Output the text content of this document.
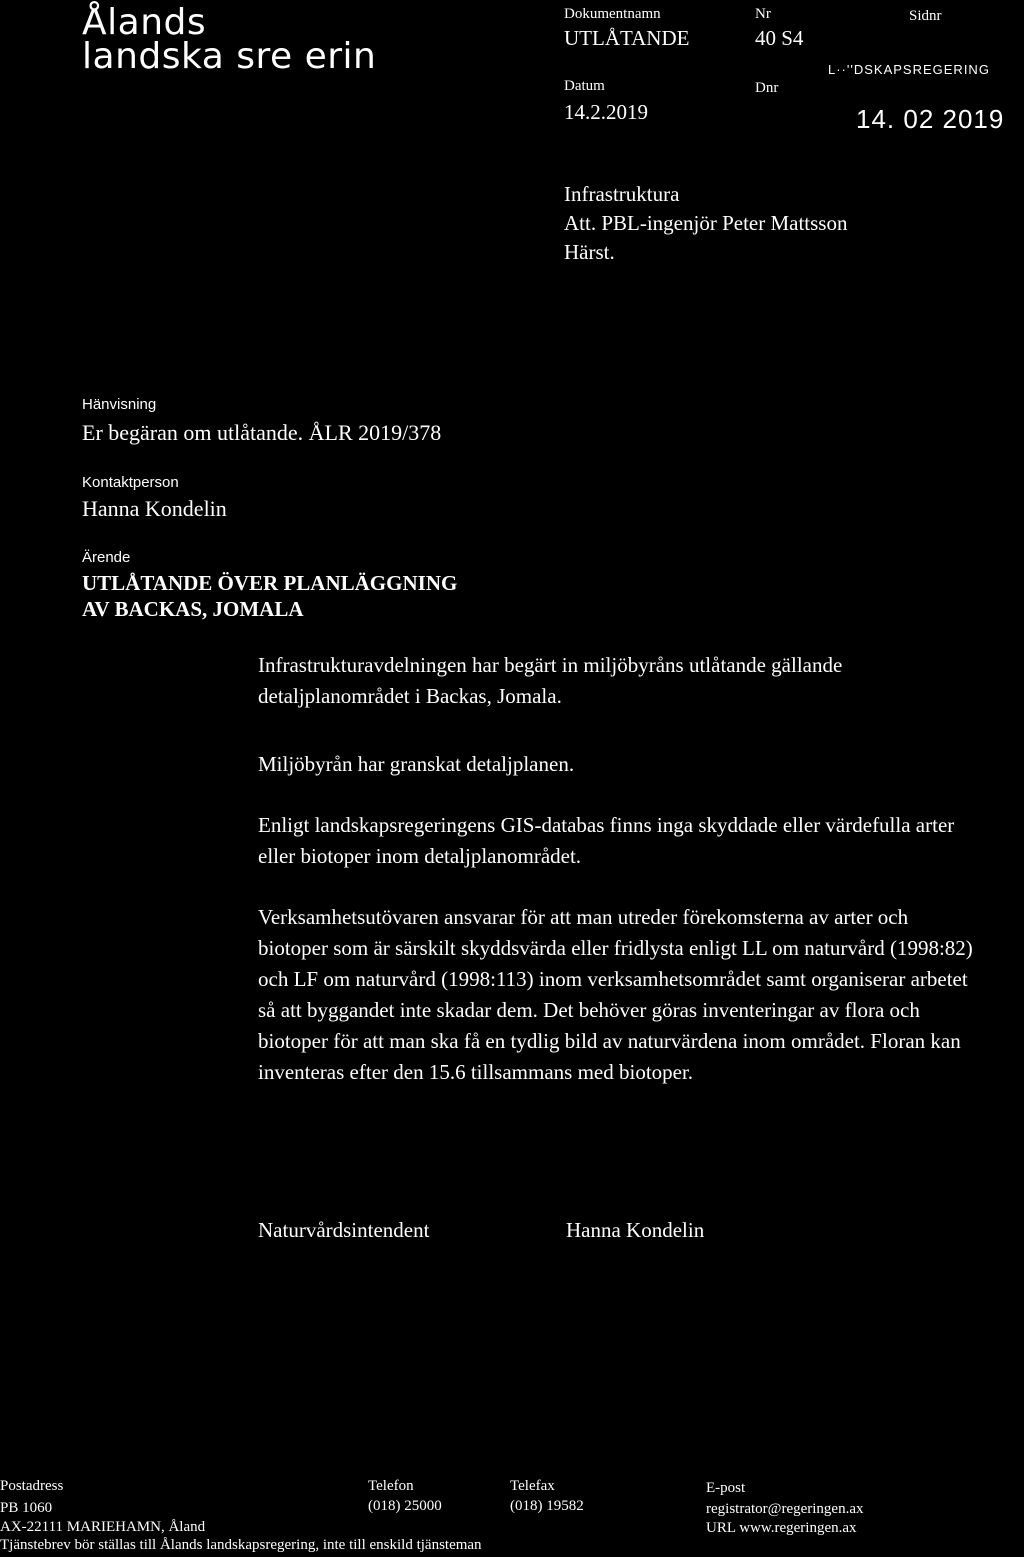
Ålands
landska sre erin
Dokumentnamn
UTLÅTANDE
Nr
40 S4
Sidnr
Datum
14.2.2019
Dnr
L··''DSKAPSREGERING
14. 02 2019
Infrastruktura
Att. PBL-ingenjör Peter Mattsson
Härst.
Hänvisning
Er begäran om utlåtande. ÅLR 2019/378
Kontaktperson
Hanna Kondelin
Ärende
UTLÅTANDE ÖVER PLANLÄGGNING
AV BACKAS, JOMALA

Infrastrukturavdelningen har begärt in miljöbyråns utlåtande gällande detaljplanområdet i Backas, Jomala.

Miljöbyrån har granskat detaljplanen.

Enligt landskapsregeringens GIS-databas finns inga skyddade eller värdefulla arter eller biotoper inom detaljplanområdet.

Verksamhetsutövaren ansvarar för att man utreder förekomsterna av arter och biotoper som är särskilt skyddsvärda eller fridlysta enligt LL om naturvård (1998:82) och LF om naturvård (1998:113) inom verksamhetsområdet samt organiserar arbetet så att byggandet inte skadar dem. Det behöver göras inventeringar av flora och biotoper för att man ska få en tydlig bild av naturvärdena inom området. Floran kan inventeras efter den 15.6 tillsammans med biotoper.

Naturvårdsintendent	Hanna Kondelin
Postadress
PB 1060
AX-22111 MARIEHAMN, Åland
Telefon
(018) 25000
Telefax
(018) 19582
E-post
registrator@regeringen.ax
URL www.regeringen.ax
Tjänstebrev bör ställas till Ålands landskapsregering, inte till enskild tjänsteman
